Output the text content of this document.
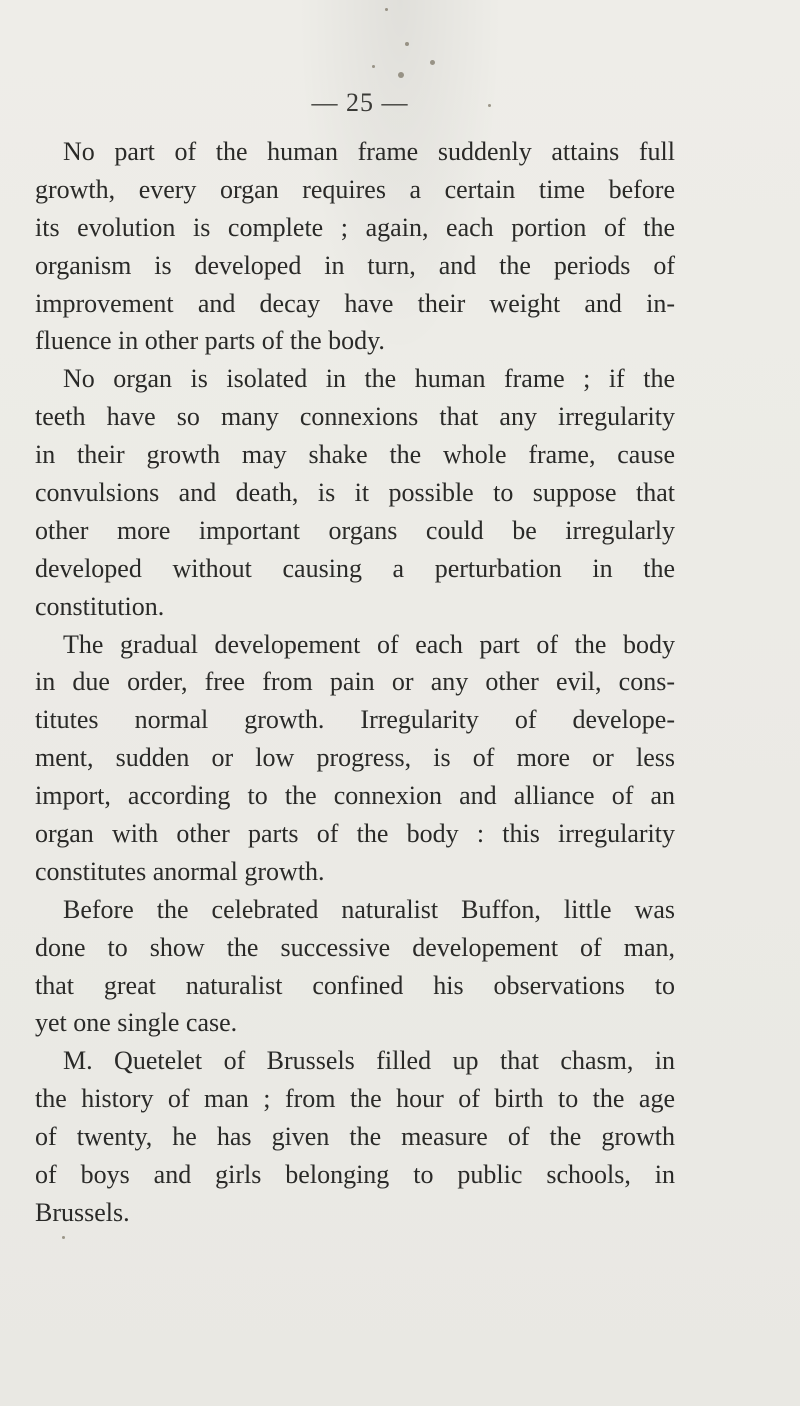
— 25 —
No part of the human frame suddenly attains full
growth, every organ requires a certain time before
its evolution is complete ; again, each portion of the
organism is developed in turn, and the periods of
improvement and decay have their weight and in-
fluence in other parts of the body.
No organ is isolated in the human frame ; if the
teeth have so many connexions that any irregularity
in their growth may shake the whole frame, cause
convulsions and death, is it possible to suppose that
other more important organs could be irregularly
developed without causing a perturbation in the
constitution.
The gradual developement of each part of the body
in due order, free from pain or any other evil, cons-
titutes normal growth. Irregularity of develope-
ment, sudden or low progress, is of more or less
import, according to the connexion and alliance of an
organ with other parts of the body : this irregularity
constitutes anormal growth.
Before the celebrated naturalist Buffon, little was
done to show the successive developement of man,
that great naturalist confined his observations to
yet one single case.
M. Quetelet of Brussels filled up that chasm, in
the history of man ; from the hour of birth to the age
of twenty, he has given the measure of the growth
of boys and girls belonging to public schools, in
Brussels.
